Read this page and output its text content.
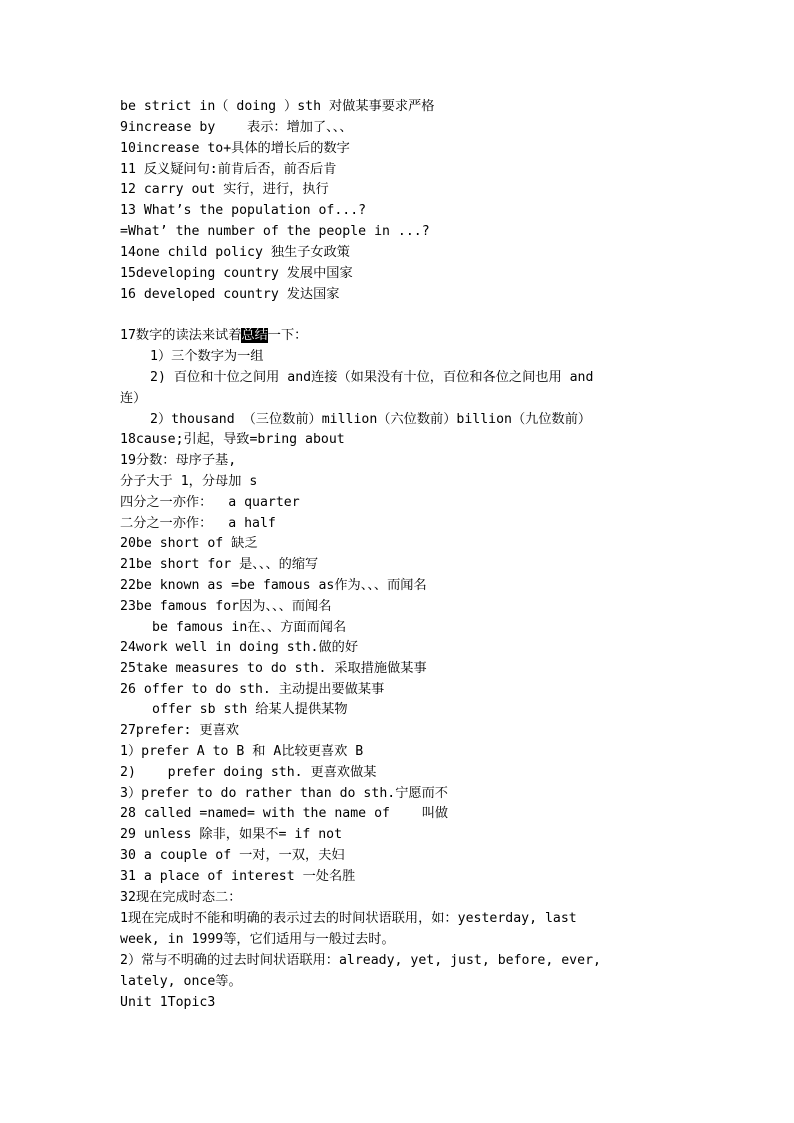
be strict in（ doing ）sth 对做某事要求严格
9increase by    表示：增加了、、、
10increase to+具体的增长后的数字
11 反义疑问句:前肯后否，前否后肯
12 carry out 实行，进行，执行
13 What’s the population of...?
=What’ the number of the people in ...?
14one child policy 独生子女政策
15developing country 发展中国家
16 developed country 发达国家
17数字的读法来试着总结一下：
1）三个数字为一组
2) 百位和十位之间用 and连接（如果没有十位，百位和各位之间也用 and
连）
2）thousand （三位数前）million（六位数前）billion（九位数前）
18cause;引起，导致=bring about
19分数：母序子基,
分子大于 1，分母加 s
四分之一亦作：  a quarter
二分之一亦作：  a half
20be short of 缺乏
21be short for 是、、、的缩写
22be known as =be famous as作为、、、而闻名
23be famous for因为、、、而闻名
be famous in在、、方面而闻名
24work well in doing sth.做的好
25take measures to do sth. 采取措施做某事
26 offer to do sth. 主动提出要做某事
offer sb sth 给某人提供某物
27prefer: 更喜欢
1）prefer A to B 和 A比较更喜欢 B
2)    prefer doing sth. 更喜欢做某
3）prefer to do rather than do sth.宁愿而不
28 called =named= with the name of    叫做
29 unless 除非，如果不= if not
30 a couple of 一对，一双，夫妇
31 a place of interest 一处名胜
32现在完成时态二：
1现在完成时不能和明确的表示过去的时间状语联用，如：yesterday, last
week, in 1999等，它们适用与一般过去时。
2）常与不明确的过去时间状语联用：already, yet, just, before, ever,
lately, once等。
Unit 1Topic3
